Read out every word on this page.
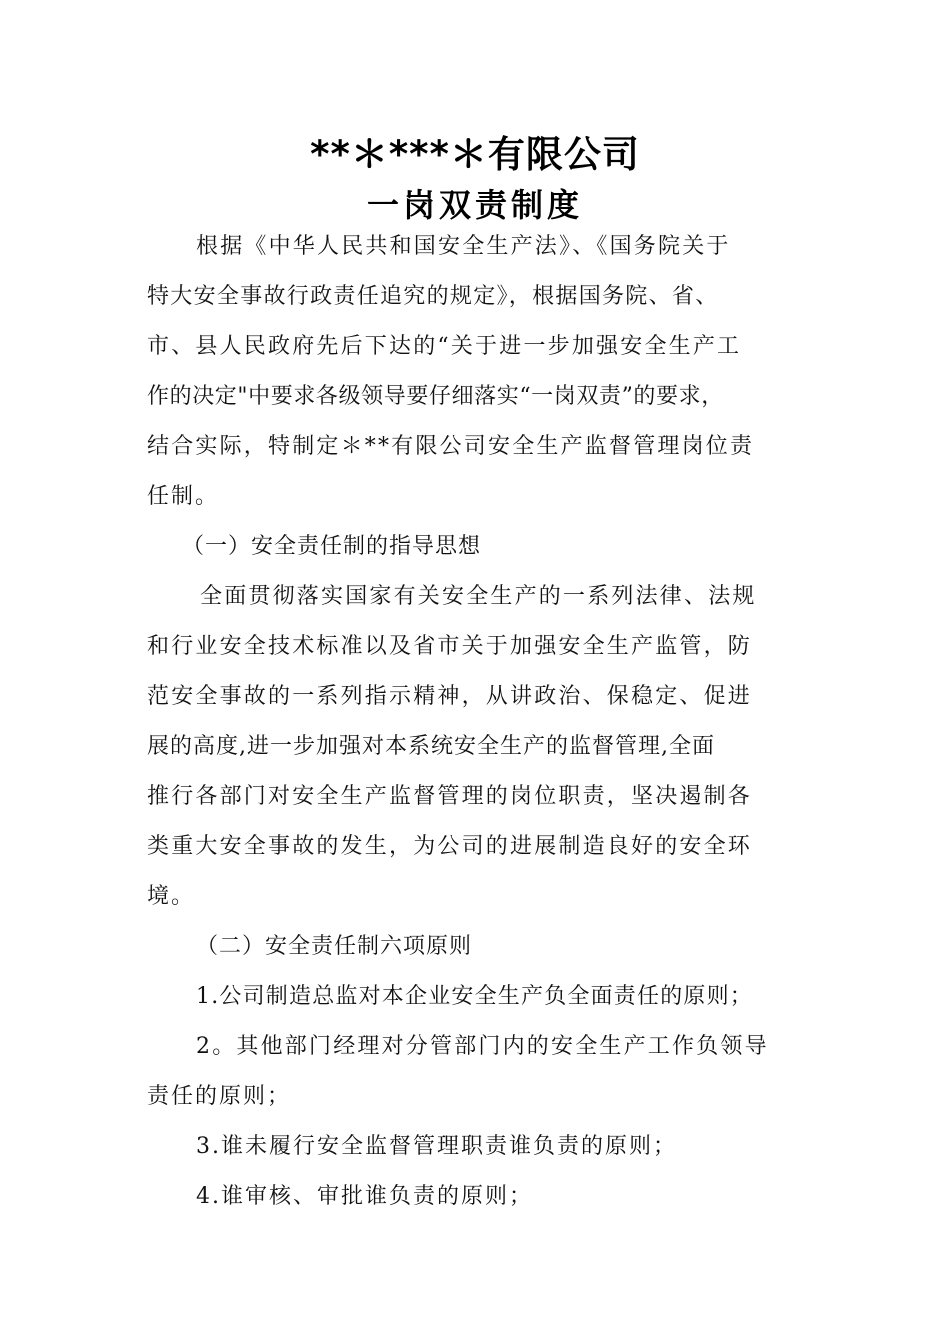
**＊***＊有限公司
一岗双责制度
根据《中华人民共和国安全生产法》、《国务院关于
特大安全事故行政责任追究的规定》，根据国务院、省、
市、县人民政府先后下达的“关于进一步加强安全生产工
作的决定"中要求各级领导要仔细落实“一岗双责”的要求，
结合实际，特制定＊**有限公司安全生产监督管理岗位责
任制。
（一）安全责任制的指导思想
全面贯彻落实国家有关安全生产的一系列法律、法规
和行业安全技术标准以及省市关于加强安全生产监管，防
范安全事故的一系列指示精神，从讲政治、保稳定、促进
展的高度,进一步加强对本系统安全生产的监督管理,全面
推行各部门对安全生产监督管理的岗位职责，坚决遏制各
类重大安全事故的发生，为公司的进展制造良好的安全环
境。
（二）安全责任制六项原则
1.公司制造总监对本企业安全生产负全面责任的原则；
2。其他部门经理对分管部门内的安全生产工作负领导
责任的原则；
3.谁未履行安全监督管理职责谁负责的原则；
4.谁审核、审批谁负责的原则；
